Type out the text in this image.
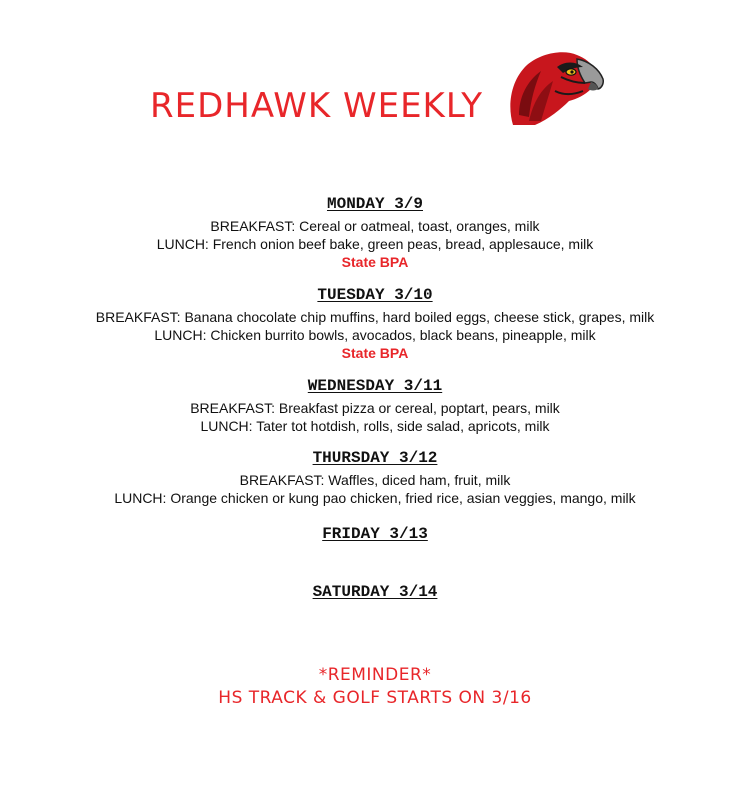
REDHAWK WEEKLY
MONDAY 3/9
BREAKFAST: Cereal or oatmeal, toast, oranges, milk
LUNCH: French onion beef bake, green peas, bread, applesauce, milk
State BPA
TUESDAY 3/10
BREAKFAST: Banana chocolate chip muffins, hard boiled eggs, cheese stick, grapes, milk
LUNCH: Chicken burrito bowls, avocados, black beans, pineapple, milk
State BPA
WEDNESDAY 3/11
BREAKFAST: Breakfast pizza or cereal, poptart, pears, milk
LUNCH: Tater tot hotdish, rolls, side salad, apricots, milk
THURSDAY 3/12
BREAKFAST: Waffles, diced ham, fruit, milk
LUNCH: Orange chicken or kung pao chicken, fried rice, asian veggies, mango, milk
FRIDAY 3/13
SATURDAY 3/14
*REMINDER*
HS TRACK & GOLF STARTS ON 3/16
